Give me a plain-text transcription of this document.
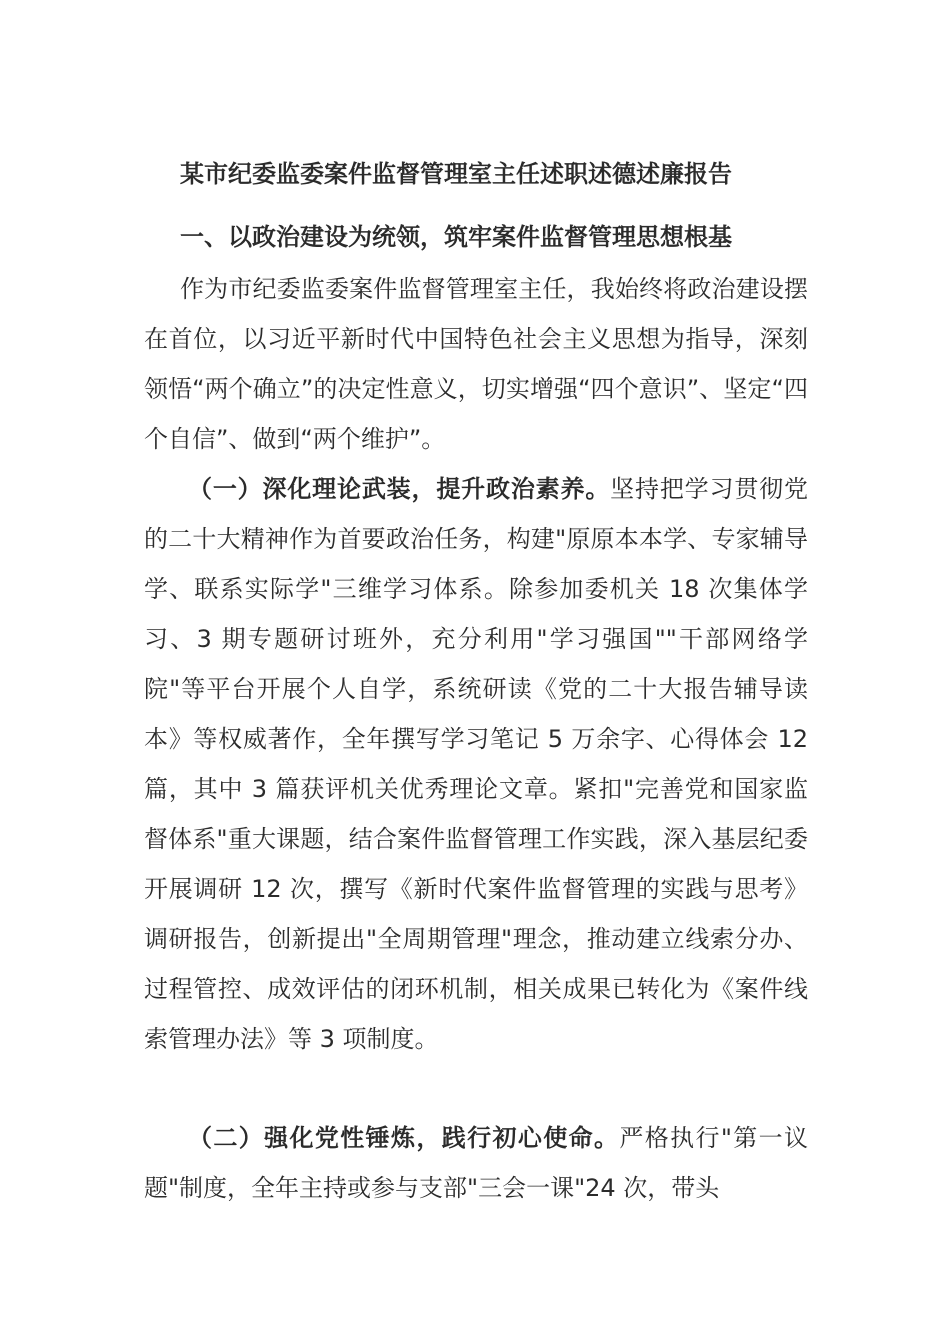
某市纪委监委案件监督管理室主任述职述德述廉报告
一、以政治建设为统领，筑牢案件监督管理思想根基

作为市纪委监委案件监督管理室主任，我始终将政治建设摆在首位，以习近平新时代中国特色社会主义思想为指导，深刻领悟“两个确立”的决定性意义，切实增强“四个意识”、坚定“四个自信”、做到“两个维护”。

（一）深化理论武装，提升政治素养。坚持把学习贯彻党的二十大精神作为首要政治任务，构建"原原本本学、专家辅导学、联系实际学"三维学习体系。除参加委机关 18 次集体学习、3 期专题研讨班外，充分利用"学习强国""干部网络学院"等平台开展个人自学，系统研读《党的二十大报告辅导读本》等权威著作，全年撰写学习笔记 5 万余字、心得体会 12 篇，其中 3 篇获评机关优秀理论文章。紧扣"完善党和国家监督体系"重大课题，结合案件监督管理工作实践，深入基层纪委开展调研 12 次，撰写《新时代案件监督管理的实践与思考》调研报告，创新提出"全周期管理"理念，推动建立线索分办、过程管控、成效评估的闭环机制，相关成果已转化为《案件线索管理办法》等 3 项制度。

（二）强化党性锤炼，践行初心使命。严格执行"第一议题"制度，全年主持或参与支部"三会一课"24 次，带头
